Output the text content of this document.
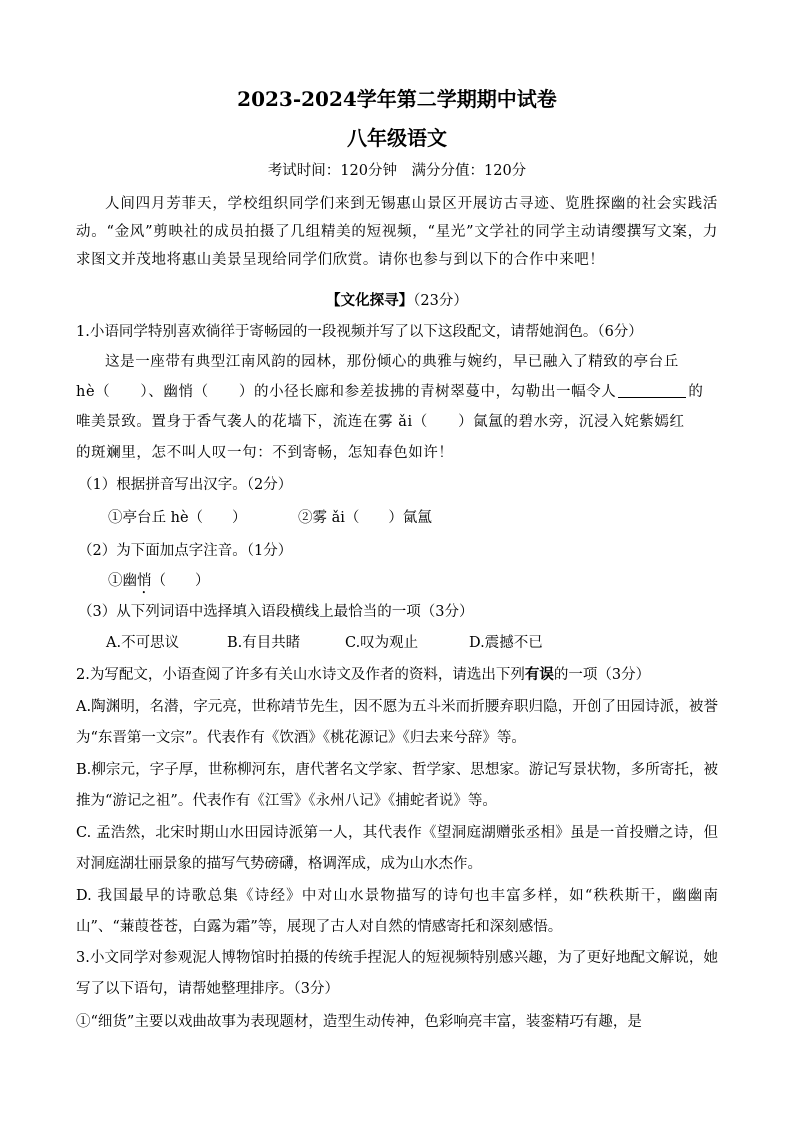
2023-2024学年第二学期期中试卷
八年级语文
考试时间：120分钟　满分分值：120分
人间四月芳菲天，学校组织同学们来到无锡惠山景区开展访古寻迹、览胜探幽的社会实践活动。“金风”剪映社的成员拍摄了几组精美的短视频，“星光”文学社的同学主动请缨撰写文案，力求图文并茂地将惠山美景呈现给同学们欣赏。请你也参与到以下的合作中来吧！
【文化探寻】（23分）
1.小语同学特别喜欢徜徉于寄畅园的一段视频并写了以下这段配文，请帮她润色。（6分）
这是一座带有典型江南风韵的园林，那份倾心的典雅与婉约，早已融入了精致的亭台丘
hè（　　）、幽悄（　　）的小径长廊和参差拔拂的青树翠蔓中，勾勒出一幅令人	的
唯美景致。置身于香气袭人的花墙下，流连在雾 ǎi（　　）氤氲的碧水旁，沉浸入姹紫嫣红
的斑斓里，怎不叫人叹一句：不到寄畅，怎知春色如许！
（1）根据拼音写出汉字。（2分）
①亭台丘 hè（　　）	②雾 ǎi（　　）氤氲
（2）为下面加点字注音。（1分）
①幽悄（　　）
（3）从下列词语中选择填入语段横线上最恰当的一项（3分）
A.不可思议	B.有目共睹	C.叹为观止	D.震撼不已
2.为写配文，小语查阅了许多有关山水诗文及作者的资料，请选出下列有误的一项（3分）
A.陶渊明，名潜，字元亮，世称靖节先生，因不愿为五斗米而折腰弃职归隐，开创了田园诗派，被誉为“东晋第一文宗”。代表作有《饮酒》《桃花源记》《归去来兮辞》等。
B.柳宗元，字子厚，世称柳河东，唐代著名文学家、哲学家、思想家。游记写景状物，多所寄托，被推为“游记之祖”。代表作有《江雪》《永州八记》《捕蛇者说》等。
C. 孟浩然，北宋时期山水田园诗派第一人，其代表作《望洞庭湖赠张丞相》虽是一首投赠之诗，但对洞庭湖壮丽景象的描写气势磅礴，格调浑成，成为山水杰作。
D. 我国最早的诗歌总集《诗经》中对山水景物描写的诗句也丰富多样，如“秩秩斯干，幽幽南山”、“蒹葭苍苍，白露为霜”等，展现了古人对自然的情感寄托和深刻感悟。
3.小文同学对参观泥人博物馆时拍摄的传统手捏泥人的短视频特别感兴趣，为了更好地配文解说，她写了以下语句，请帮她整理排序。（3分）
①“细货”主要以戏曲故事为表现题材，造型生动传神，色彩响亮丰富，装銮精巧有趣，是
